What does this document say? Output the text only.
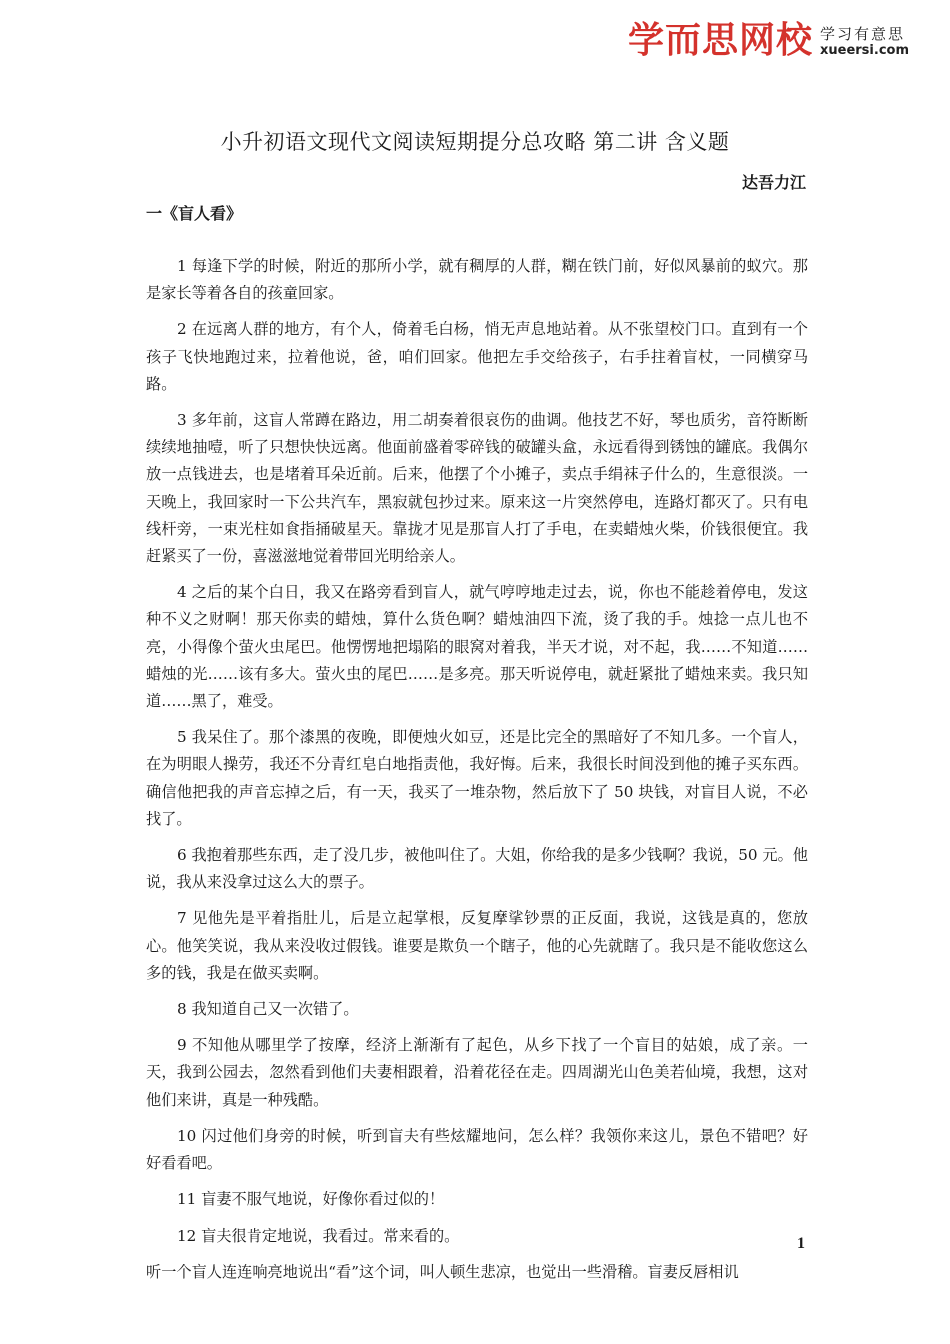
学而思网校 学习有意思
xueersi.com
小升初语文现代文阅读短期提分总攻略 第二讲 含义题
达吾力江
一《盲人看》

1 每逢下学的时候，附近的那所小学，就有稠厚的人群，糊在铁门前，好似风暴前的蚁穴。那是家长等着各自的孩童回家。

2 在远离人群的地方，有个人，倚着毛白杨，悄无声息地站着。从不张望校门口。直到有一个孩子飞快地跑过来，拉着他说，爸，咱们回家。他把左手交给孩子，右手拄着盲杖，一同横穿马路。

3 多年前，这盲人常蹲在路边，用二胡奏着很哀伤的曲调。他技艺不好，琴也质劣，音符断断续续地抽噎，听了只想快快远离。他面前盛着零碎钱的破罐头盒，永远看得到锈蚀的罐底。我偶尔放一点钱进去，也是堵着耳朵近前。后来，他摆了个小摊子，卖点手绢袜子什么的，生意很淡。一天晚上，我回家时一下公共汽车，黑寂就包抄过来。原来这一片突然停电，连路灯都灭了。只有电线杆旁，一束光柱如食指捅破星天。靠拢才见是那盲人打了手电，在卖蜡烛火柴，价钱很便宜。我赶紧买了一份，喜滋滋地觉着带回光明给亲人。

4 之后的某个白日，我又在路旁看到盲人，就气哼哼地走过去，说，你也不能趁着停电，发这种不义之财啊！那天你卖的蜡烛，算什么货色啊？蜡烛油四下流，烫了我的手。烛捻一点儿也不亮，小得像个萤火虫尾巴。他愣愣地把塌陷的眼窝对着我，半天才说，对不起，我……不知道……蜡烛的光……该有多大。萤火虫的尾巴……是多亮。那天听说停电，就赶紧批了蜡烛来卖。我只知道……黑了，难受。

5 我呆住了。那个漆黑的夜晚，即便烛火如豆，还是比完全的黑暗好了不知几多。一个盲人，在为明眼人操劳，我还不分青红皂白地指责他，我好悔。后来，我很长时间没到他的摊子买东西。确信他把我的声音忘掉之后，有一天，我买了一堆杂物，然后放下了 50 块钱，对盲目人说，不必找了。

6 我抱着那些东西，走了没几步，被他叫住了。大姐，你给我的是多少钱啊？我说，50 元。他说，我从来没拿过这么大的票子。

7 见他先是平着指肚儿，后是立起掌根，反复摩挲钞票的正反面，我说，这钱是真的，您放心。他笑笑说，我从来没收过假钱。谁要是欺负一个瞎子，他的心先就瞎了。我只是不能收您这么多的钱，我是在做买卖啊。

8 我知道自己又一次错了。

9 不知他从哪里学了按摩，经济上渐渐有了起色，从乡下找了一个盲目的姑娘，成了亲。一天，我到公园去，忽然看到他们夫妻相跟着，沿着花径在走。四周湖光山色美若仙境，我想，这对他们来讲，真是一种残酷。

10 闪过他们身旁的时候，听到盲夫有些炫耀地问，怎么样？我领你来这儿，景色不错吧？好好看看吧。

11 盲妻不服气地说，好像你看过似的！

12 盲夫很肯定地说，我看过。常来看的。

听一个盲人连连响亮地说出“看”这个词，叫人顿生悲凉，也觉出一些滑稽。盲妻反唇相讥

1
